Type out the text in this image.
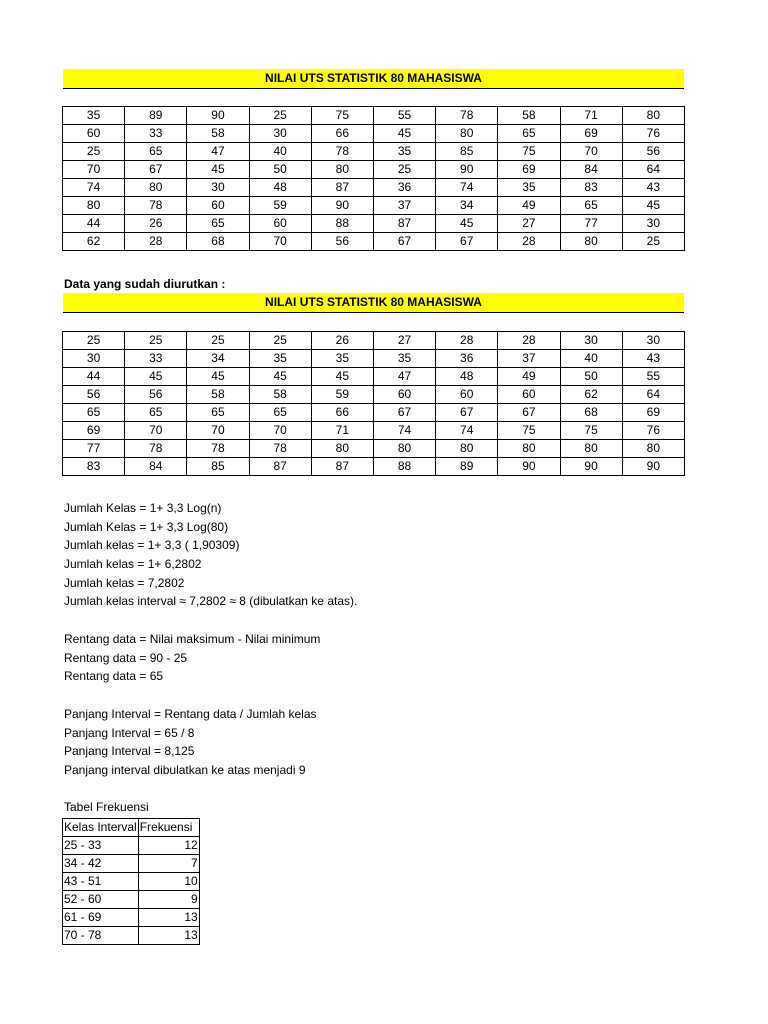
NILAI UTS STATISTIK 80 MAHASISWA
35	89	90	25	75	55	78	58	71	80
60	33	58	30	66	45	80	65	69	76
25	65	47	40	78	35	85	75	70	56
70	67	45	50	80	25	90	69	84	64
74	80	30	48	87	36	74	35	83	43
80	78	60	59	90	37	34	49	65	45
44	26	65	60	88	87	45	27	77	30
62	28	68	70	56	67	67	28	80	25
Data yang sudah diurutkan :
NILAI UTS STATISTIK 80 MAHASISWA
25	25	25	25	26	27	28	28	30	30
30	33	34	35	35	35	36	37	40	43
44	45	45	45	45	47	48	49	50	55
56	56	58	58	59	60	60	60	62	64
65	65	65	65	66	67	67	67	68	69
69	70	70	70	71	74	74	75	75	76
77	78	78	78	80	80	80	80	80	80
83	84	85	87	87	88	89	90	90	90
Jumlah Kelas = 1+ 3,3 Log(n)
Jumlah Kelas = 1+ 3,3 Log(80)
Jumlah kelas = 1+ 3,3 ( 1,90309)
Jumlah kelas = 1+ 6,2802
Jumlah kelas = 7,2802
Jumlah kelas interval ≈ 7,2802 ≈ 8 (dibulatkan ke atas).
Rentang data = Nilai maksimum - Nilai minimum
Rentang data = 90 - 25
Rentang data = 65
Panjang Interval = Rentang data / Jumlah kelas
Panjang Interval = 65 / 8
Panjang Interval = 8,125
Panjang interval dibulatkan ke atas menjadi 9
Tabel Frekuensi
Kelas Interval	Frekuensi
25 - 33	12
34 - 42	7
43 - 51	10
52 - 60	9
61 - 69	13
70 - 78	13
